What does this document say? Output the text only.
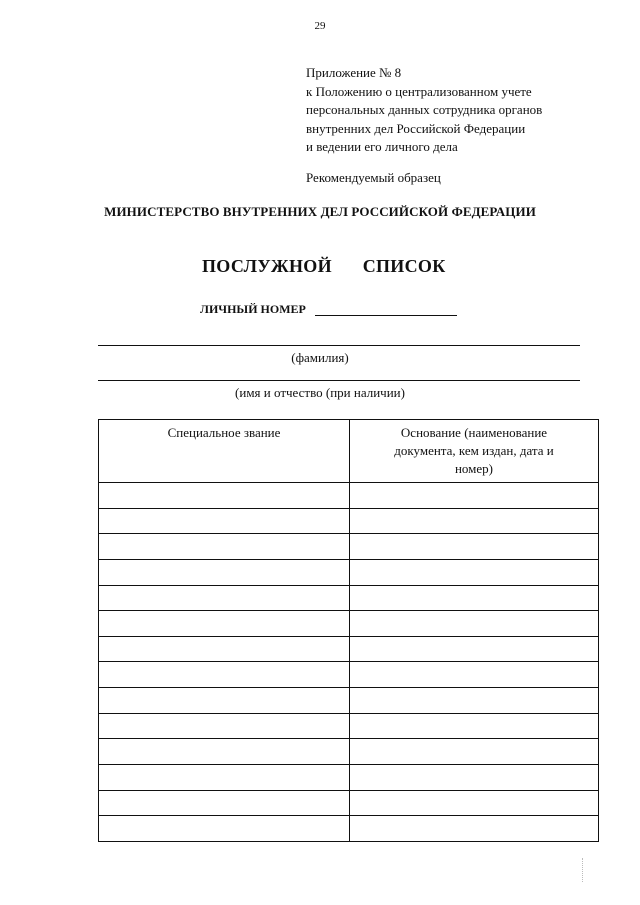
29
Приложение № 8
к Положению о централизованном учете
персональных данных сотрудника органов
внутренних дел Российской Федерации
и ведении его личного дела
Рекомендуемый образец
МИНИСТЕРСТВО ВНУТРЕННИХ ДЕЛ РОССИЙСКОЙ ФЕДЕРАЦИИ
ПОСЛУЖНОЙ СПИСОК
ЛИЧНЫЙ НОМЕР
(фамилия)
(имя и отчество (при наличии)
Специальное звание	Основание (наименование документа, кем издан, дата и номер)
